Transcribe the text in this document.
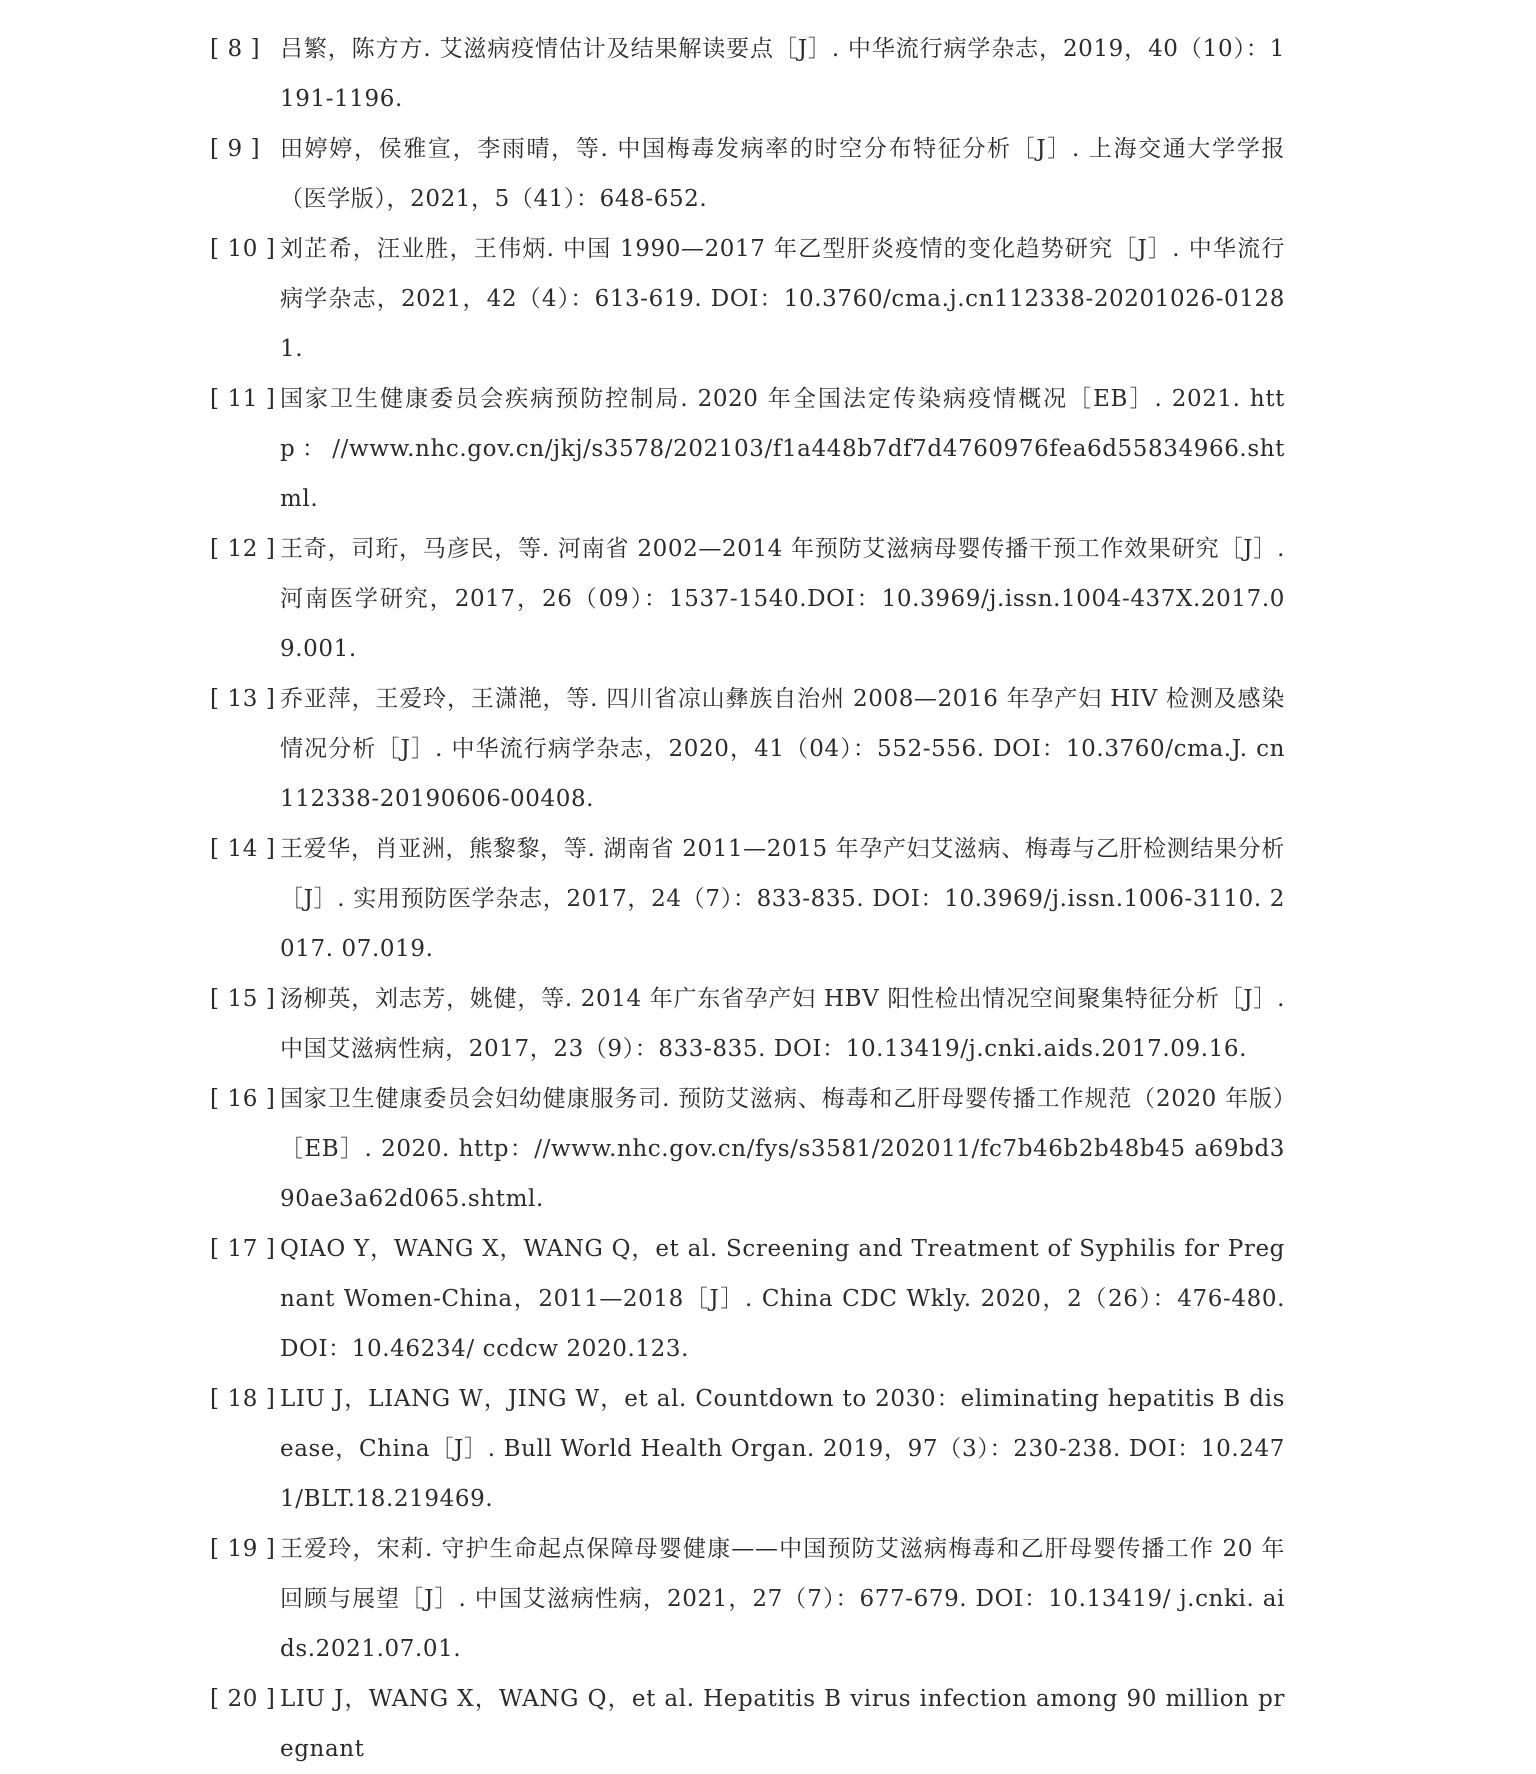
[ 8 ] 吕繁，陈方方. 艾滋病疫情估计及结果解读要点［J］. 中华流行病学杂志，2019，40（10）：1191-1196.
[ 9 ] 田婷婷，侯雅宣，李雨晴，等. 中国梅毒发病率的时空分布特征分析［J］. 上海交通大学学报（医学版），2021，5（41）：648-652.
[ 10 ] 刘芷希，汪业胜，王伟炳. 中国 1990—2017 年乙型肝炎疫情的变化趋势研究［J］. 中华流行病学杂志，2021，42（4）：613-619. DOI：10.3760/cma.j.cn112338-20201026-01281.
[ 11 ] 国家卫生健康委员会疾病预防控制局. 2020 年全国法定传染病疫情概况［EB］. 2021. http：//www.nhc.gov.cn/jkj/s3578/202103/f1a448b7df7d4760976fea6d55834966.shtml.
[ 12 ] 王奇，司珩，马彦民，等. 河南省 2002—2014 年预防艾滋病母婴传播干预工作效果研究［J］. 河南医学研究，2017，26（09）：1537-1540.DOI：10.3969/j.issn.1004-437X.2017.09.001.
[ 13 ] 乔亚萍，王爱玲，王潇滟，等. 四川省凉山彝族自治州 2008—2016 年孕产妇 HIV 检测及感染情况分析［J］. 中华流行病学杂志，2020，41（04）：552-556. DOI：10.3760/cma.J. cn112338-20190606-00408.
[ 14 ] 王爱华，肖亚洲，熊黎黎，等. 湖南省 2011—2015 年孕产妇艾滋病、梅毒与乙肝检测结果分析［J］. 实用预防医学杂志，2017，24（7）：833-835. DOI：10.3969/j.issn.1006-3110. 2017. 07.019.
[ 15 ] 汤柳英，刘志芳，姚健，等. 2014 年广东省孕产妇 HBV 阳性检出情况空间聚集特征分析［J］. 中国艾滋病性病，2017，23（9）：833-835. DOI：10.13419/j.cnki.aids.2017.09.16.
[ 16 ] 国家卫生健康委员会妇幼健康服务司. 预防艾滋病、梅毒和乙肝母婴传播工作规范（2020 年版）［EB］. 2020. http：//www.nhc.gov.cn/fys/s3581/202011/fc7b46b2b48b45 a69bd390ae3a62d065.shtml.
[ 17 ] QIAO Y，WANG X，WANG Q，et al. Screening and Treatment of Syphilis for Pregnant Women-China，2011—2018［J］. China CDC Wkly. 2020，2（26）：476-480. DOI：10.46234/ ccdcw 2020.123.
[ 18 ] LIU J，LIANG W，JING W，et al. Countdown to 2030：eliminating hepatitis B disease，China［J］. Bull World Health Organ. 2019，97（3）：230-238. DOI：10.2471/BLT.18.219469.
[ 19 ] 王爱玲，宋莉. 守护生命起点保障母婴健康——中国预防艾滋病梅毒和乙肝母婴传播工作 20 年回顾与展望［J］. 中国艾滋病性病，2021，27（7）：677-679. DOI：10.13419/ j.cnki. aids.2021.07.01.
[ 20 ] LIU J，WANG X，WANG Q，et al. Hepatitis B virus infection among 90 million pregnant
